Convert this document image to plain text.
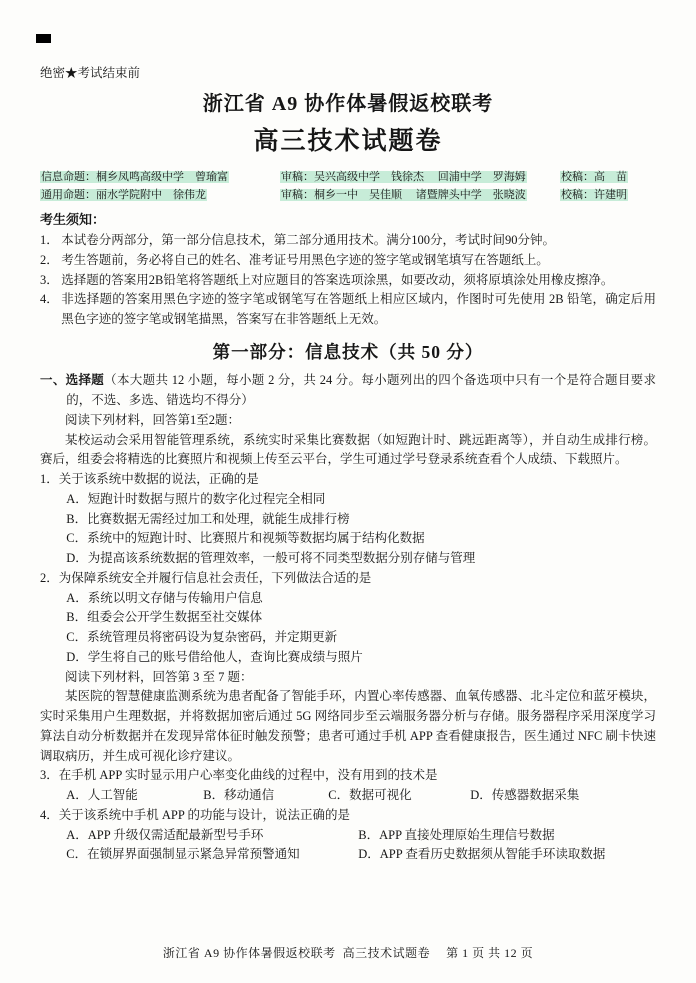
绝密★考试结束前
浙江省 A9 协作体暑假返校联考
高三技术试题卷
信息命题：桐乡凤鸣高级中学　曾瑜富	审稿：吴兴高级中学　钱徐杰　 回浦中学　罗海姆	校稿：高　苗
通用命题：丽水学院附中　徐伟龙	审稿：桐乡一中　吴佳顺　 诸暨牌头中学　张晓波	校稿：许建明
考生须知：
1． 本试卷分两部分，第一部分信息技术，第二部分通用技术。满分100分，考试时间90分钟。
2． 考生答题前，务必将自己的姓名、准考证号用黑色字迹的签字笔或钢笔填写在答题纸上。
3． 选择题的答案用2B铅笔将答题纸上对应题目的答案选项涂黑，如要改动，须将原填涂处用橡皮擦净。
4． 非选择题的答案用黑色字迹的签字笔或钢笔写在答题纸上相应区域内，作图时可先使用 2B 铅笔，确定后用黑色字迹的签字笔或钢笔描黑，答案写在非答题纸上无效。
第一部分：信息技术（共 50 分）
一、选择题（本大题共 12 小题，每小题 2 分，共 24 分。每小题列出的四个备选项中只有一个是符合题目要求的，不选、多选、错选均不得分）

阅读下列材料，回答第1至2题：

某校运动会采用智能管理系统，系统实时采集比赛数据（如短跑计时、跳远距离等），并自动生成排行榜。赛后，组委会将精选的比赛照片和视频上传至云平台，学生可通过学号登录系统查看个人成绩、下载照片。

1．关于该系统中数据的说法，正确的是

A．短跑计时数据与照片的数字化过程完全相同

B．比赛数据无需经过加工和处理，就能生成排行榜

C．系统中的短跑计时、比赛照片和视频等数据均属于结构化数据

D．为提高该系统数据的管理效率，一般可将不同类型数据分别存储与管理

2．为保障系统安全并履行信息社会责任，下列做法合适的是

A．系统以明文存储与传输用户信息

B．组委会公开学生数据至社交媒体

C．系统管理员将密码设为复杂密码，并定期更新

D．学生将自己的账号借给他人，查询比赛成绩与照片

阅读下列材料，回答第 3 至 7 题：

某医院的智慧健康监测系统为患者配备了智能手环，内置心率传感器、血氧传感器、北斗定位和蓝牙模块，实时采集用户生理数据，并将数据加密后通过 5G 网络同步至云端服务器分析与存储。服务器程序采用深度学习算法自动分析数据并在发现异常体征时触发预警；患者可通过手机 APP 查看健康报告，医生通过 NFC 刷卡快速调取病历，并生成可视化诊疗建议。

3．在手机 APP 实时显示用户心率变化曲线的过程中，没有用到的技术是

A．人工智能	B．移动通信	C．数据可视化	D．传感器数据采集

4．关于该系统中手机 APP 的功能与设计，说法正确的是

A．APP 升级仅需适配最新型号手环	B．APP 直接处理原始生理信号数据
C．在锁屏界面强制显示紧急异常预警通知	D．APP 查看历史数据须从智能手环读取数据
浙江省 A9 协作体暑假返校联考  高三技术试题卷　 第 1 页 共 12 页
